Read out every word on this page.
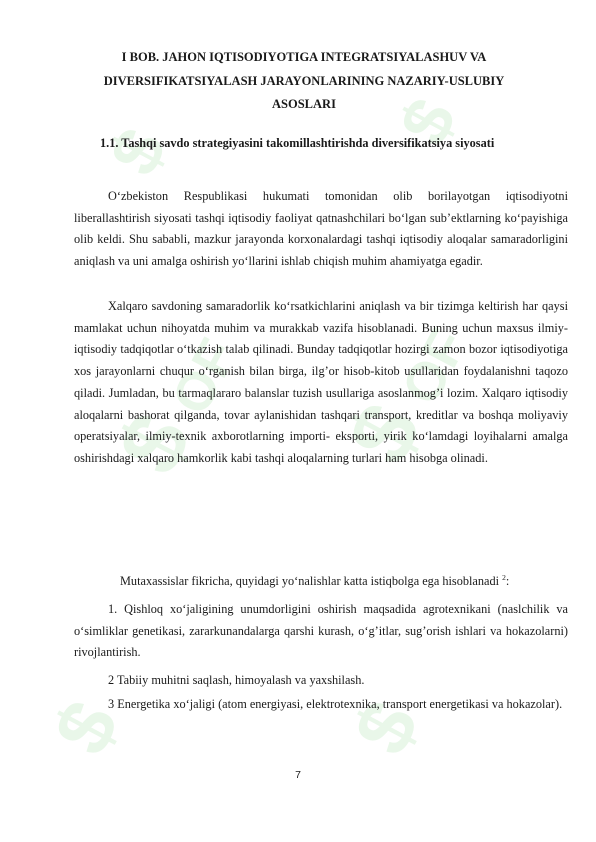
$	$
$
OF
$
OF
$	$
I BOB. JAHON IQTISODIYOTIGA INTEGRATSIYALASHUV VA DIVERSIFIKATSIYALASH JARAYONLARINING NAZARIY-USLUBIY ASOSLARI
1.1. Tashqi savdo strategiyasini takomillashtirishda diversifikatsiya siyosati
O‘zbekiston Respublikasi hukumati tomonidan olib borilayotgan iqtisodiyotni liberallashtirish siyosati tashqi iqtisodiy faoliyat qatnashchilari bo‘lgan sub’ektlarning ko‘payishiga olib keldi. Shu sababli, mazkur jarayonda korxonalardagi tashqi iqtisodiy aloqalar samaradorligini aniqlash va uni amalga oshirish yo‘llarini ishlab chiqish muhim ahamiyatga egadir.
Xalqaro savdoning samaradorlik ko‘rsatkichlarini aniqlash va bir tizimga keltirish har qaysi mamlakat uchun nihoyatda muhim va murakkab vazifa hisoblanadi. Buning uchun maxsus ilmiy-iqtisodiy tadqiqotlar o‘tkazish talab qilinadi. Bunday tadqiqotlar hozirgi zamon bozor iqtisodiyotiga xos jarayonlarni chuqur o‘rganish bilan birga, ilg’or hisob-kitob usullaridan foydalanishni taqozo qiladi. Jumladan, bu tarmaqlararo balanslar tuzish usullariga asoslanmog’i lozim. Xalqaro iqtisodiy aloqalarni bashorat qilganda, tovar aylanishidan tashqari transport, kreditlar va boshqa moliyaviy operatsiyalar, ilmiy-texnik axborotlarning importi- eksporti, yirik ko‘lamdagi loyihalarni amalga oshirishdagi xalqaro hamkorlik kabi tashqi aloqalarning turlari ham hisobga olinadi.
Mutaxassislar fikricha, quyidagi yo‘nalishlar katta istiqbolga ega hisoblanadi $^2$:
1. Qishloq xo‘jaligining unumdorligini oshirish maqsadida agrotexnikani (naslchilik va o‘simliklar genetikasi, zararkunandalarga qarshi kurash, o‘g’itlar, sug’orish ishlari va hokazolarni) rivojlantirish.
2 Tabiiy muhitni saqlash, himoyalash va yaxshilash.
3 Energetika xo‘jaligi (atom energiyasi, elektrotexnika, transport energetikasi va hokazolar).
7
